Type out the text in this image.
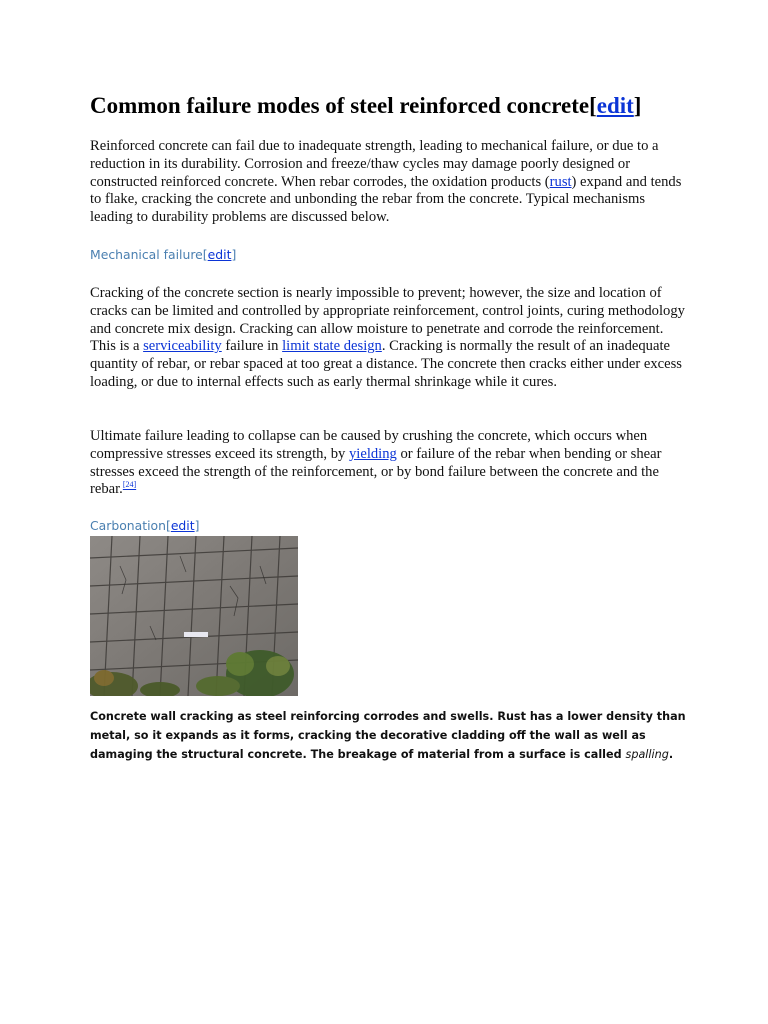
Common failure modes of steel reinforced concrete[edit]

Reinforced concrete can fail due to inadequate strength, leading to mechanical failure, or due to a reduction in its durability. Corrosion and freeze/thaw cycles may damage poorly designed or constructed reinforced concrete. When rebar corrodes, the oxidation products (rust) expand and tends to flake, cracking the concrete and unbonding the rebar from the concrete. Typical mechanisms leading to durability problems are discussed below.

Mechanical failure[edit]

Cracking of the concrete section is nearly impossible to prevent; however, the size and location of cracks can be limited and controlled by appropriate reinforcement, control joints, curing methodology and concrete mix design. Cracking can allow moisture to penetrate and corrode the reinforcement. This is a serviceability failure in limit state design. Cracking is normally the result of an inadequate quantity of rebar, or rebar spaced at too great a distance. The concrete then cracks either under excess loading, or due to internal effects such as early thermal shrinkage while it cures.

Ultimate failure leading to collapse can be caused by crushing the concrete, which occurs when compressive stresses exceed its strength, by yielding or failure of the rebar when bending or shear stresses exceed the strength of the reinforcement, or by bond failure between the concrete and the rebar.[24]

Carbonation[edit]

Concrete wall cracking as steel reinforcing corrodes and swells. Rust has a lower density than metal, so it expands as it forms, cracking the decorative cladding off the wall as well as damaging the structural concrete. The breakage of material from a surface is called spalling.
